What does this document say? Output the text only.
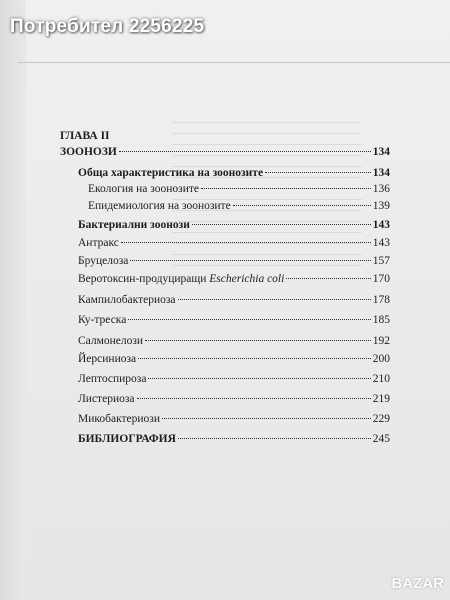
Потребител 2256225
ГЛАВА II
ЗООНОЗИ	134
Обща характеристика на зоонозите	134
Екология на зоонозите	136
Епидемиология на зоонозите	139
Бактериални зоонози	143
Антракс	143
Бруцелоза	157
Веротоксин-продуциращи Escherichia coli	170
Кампилобактериоза	178
Ку-треска	185
Салмонелози	192
Йерсиниоза	200
Лептоспироза	210
Листериоза	219
Микобактериози	229
БИБЛИОГРАФИЯ	245
BAZAR
